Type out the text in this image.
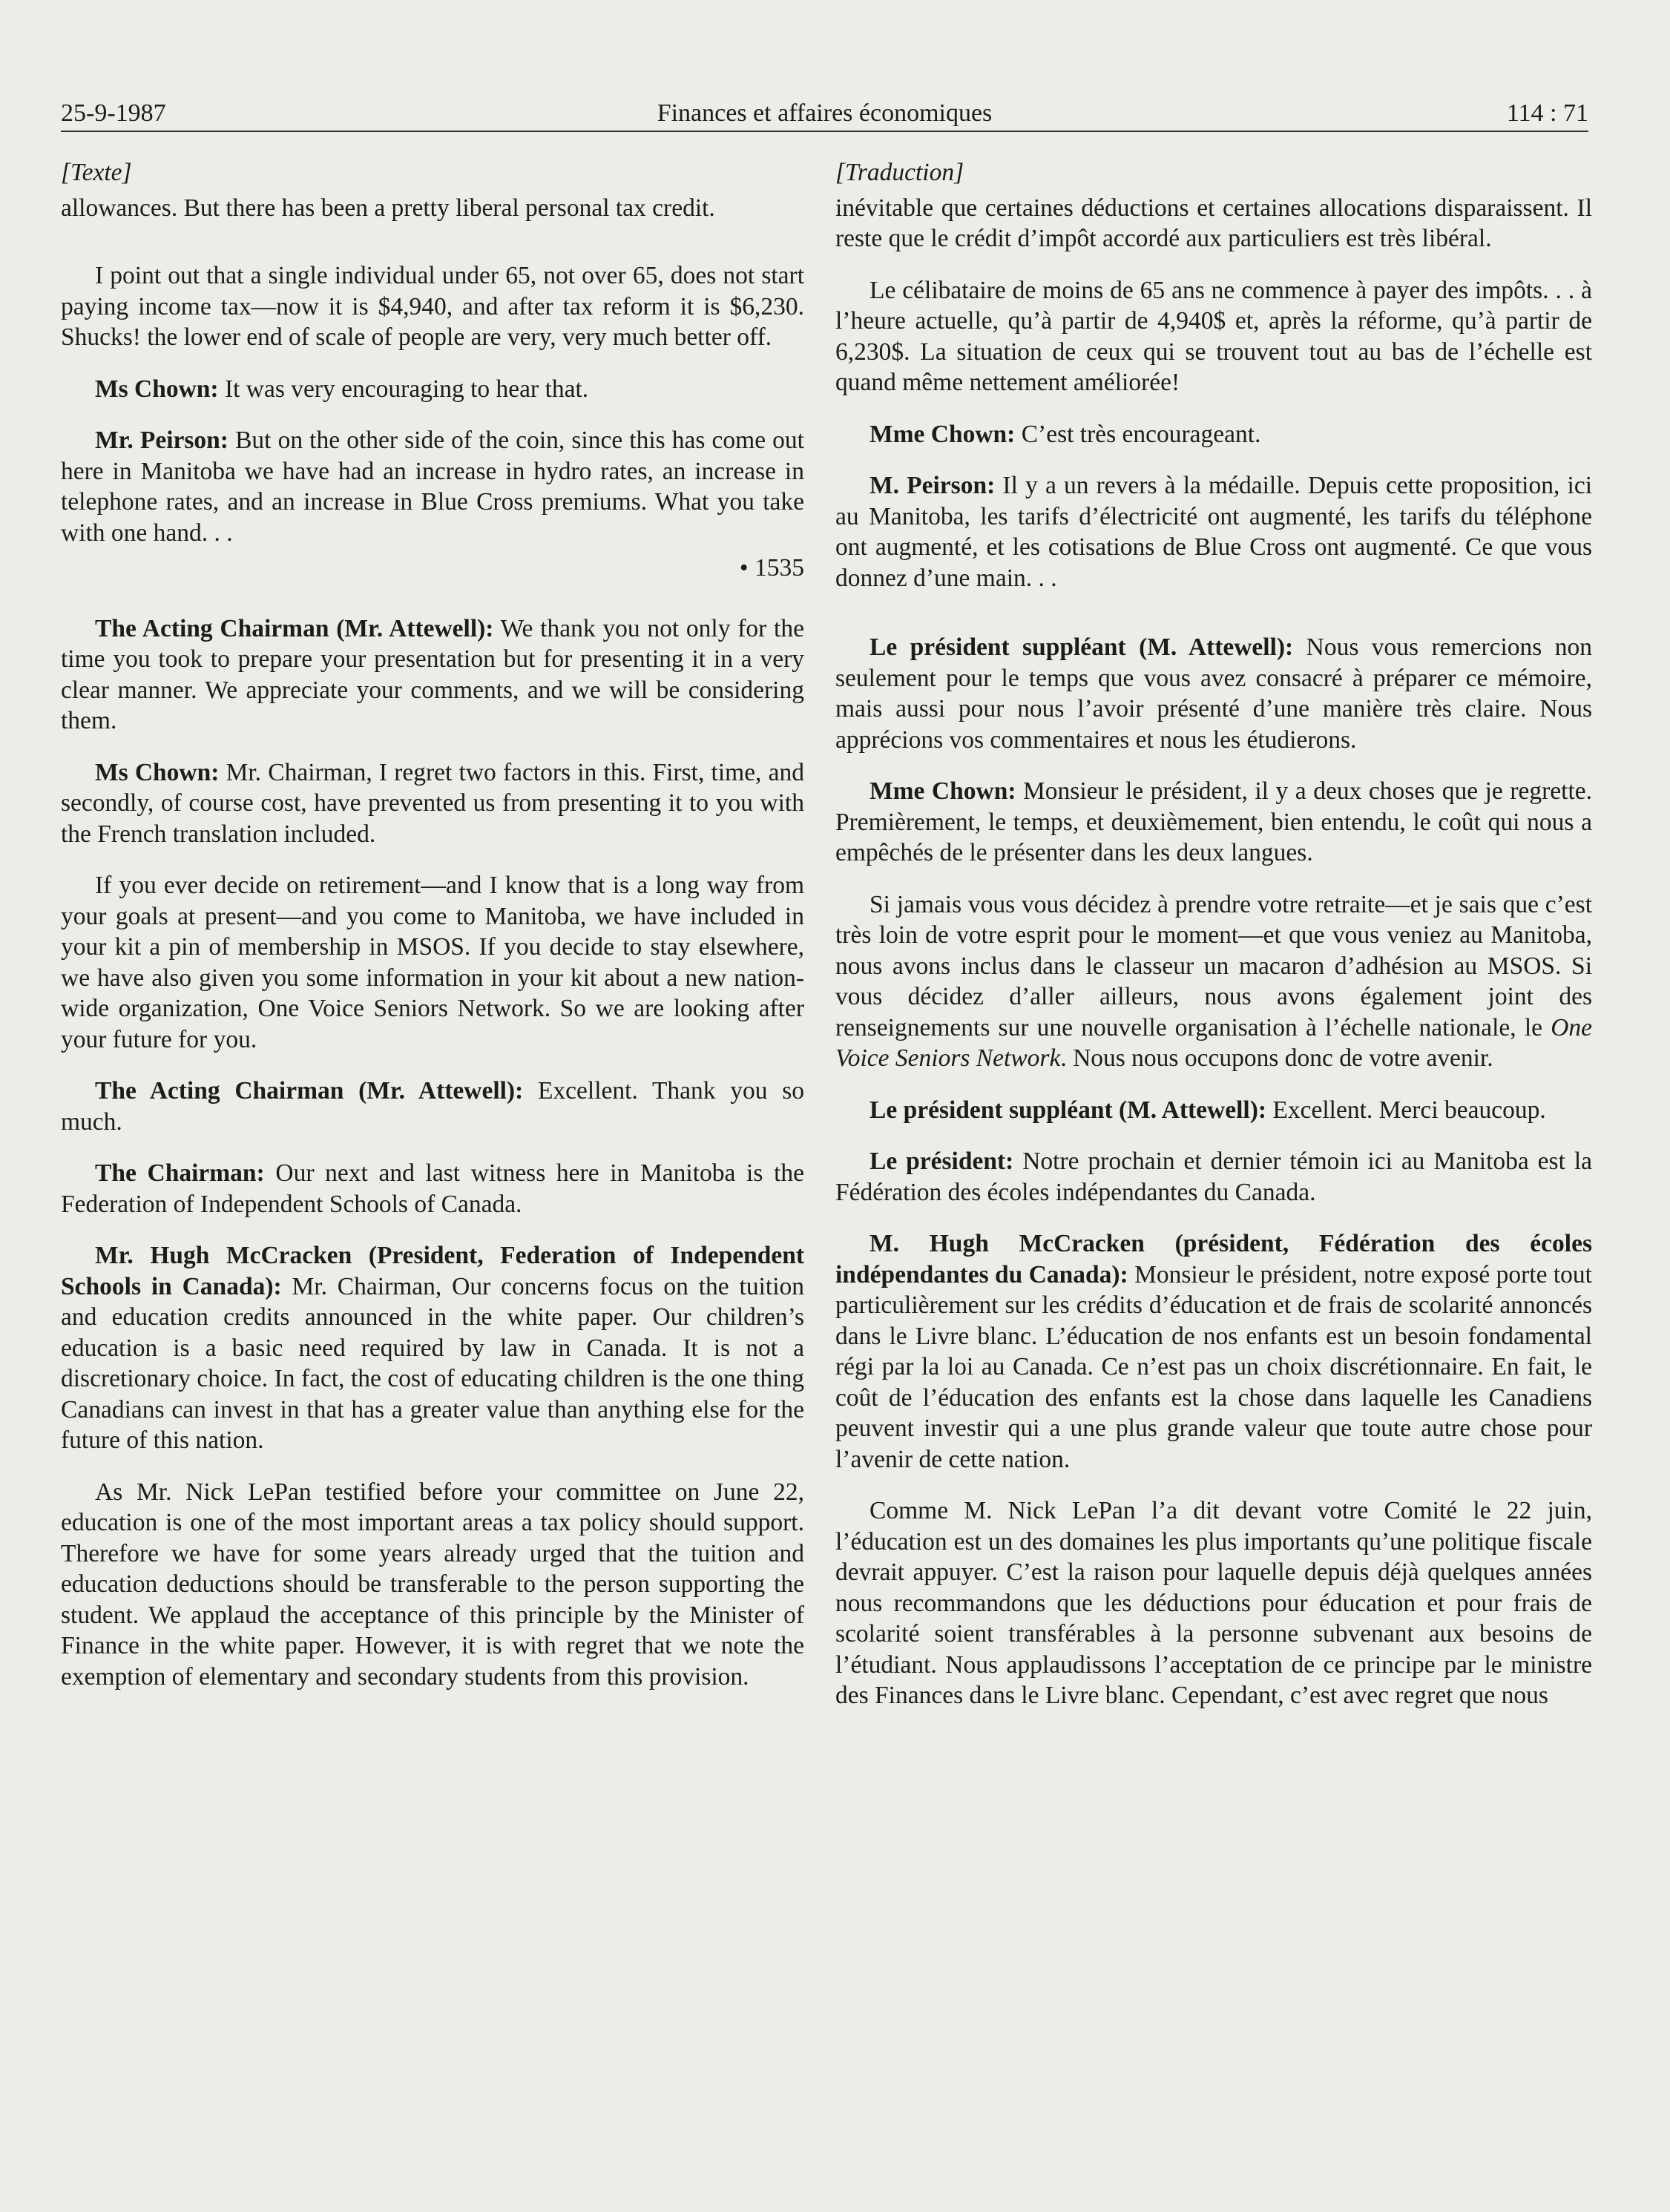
25-9-1987	Finances et affaires économiques	114 : 71
[Texte]

allowances. But there has been a pretty liberal personal tax credit.

I point out that a single individual under 65, not over 65, does not start paying income tax—now it is $4,940, and after tax reform it is $6,230. Shucks! the lower end of scale of people are very, very much better off.

Ms Chown: It was very encouraging to hear that.

Mr. Peirson: But on the other side of the coin, since this has come out here in Manitoba we have had an increase in hydro rates, an increase in telephone rates, and an increase in Blue Cross premiums. What you take with one hand. . .

• 1535

The Acting Chairman (Mr. Attewell): We thank you not only for the time you took to prepare your presentation but for presenting it in a very clear manner. We appreciate your comments, and we will be considering them.

Ms Chown: Mr. Chairman, I regret two factors in this. First, time, and secondly, of course cost, have prevented us from presenting it to you with the French translation included.

If you ever decide on retirement—and I know that is a long way from your goals at present—and you come to Manitoba, we have included in your kit a pin of membership in MSOS. If you decide to stay elsewhere, we have also given you some information in your kit about a new nation-wide organization, One Voice Seniors Network. So we are looking after your future for you.

The Acting Chairman (Mr. Attewell): Excellent. Thank you so much.

The Chairman: Our next and last witness here in Manitoba is the Federation of Independent Schools of Canada.

Mr. Hugh McCracken (President, Federation of Independent Schools in Canada): Mr. Chairman, Our concerns focus on the tuition and education credits announced in the white paper. Our children’s education is a basic need required by law in Canada. It is not a discretionary choice. In fact, the cost of educating children is the one thing Canadians can invest in that has a greater value than anything else for the future of this nation.

As Mr. Nick LePan testified before your committee on June 22, education is one of the most important areas a tax policy should support. Therefore we have for some years already urged that the tuition and education deductions should be transferable to the person supporting the student. We applaud the acceptance of this principle by the Minister of Finance in the white paper. However, it is with regret that we note the exemption of elementary and secondary students from this provision.

[Traduction]

inévitable que certaines déductions et certaines allocations disparaissent. Il reste que le crédit d’impôt accordé aux particuliers est très libéral.

Le célibataire de moins de 65 ans ne commence à payer des impôts. . . à l’heure actuelle, qu’à partir de 4,940$ et, après la réforme, qu’à partir de 6,230$. La situation de ceux qui se trouvent tout au bas de l’échelle est quand même nettement améliorée!

Mme Chown: C’est très encourageant.

M. Peirson: Il y a un revers à la médaille. Depuis cette proposition, ici au Manitoba, les tarifs d’électricité ont augmenté, les tarifs du téléphone ont augmenté, et les cotisations de Blue Cross ont augmenté. Ce que vous donnez d’une main. . .

Le président suppléant (M. Attewell): Nous vous remercions non seulement pour le temps que vous avez consacré à préparer ce mémoire, mais aussi pour nous l’avoir présenté d’une manière très claire. Nous apprécions vos commentaires et nous les étudierons.

Mme Chown: Monsieur le président, il y a deux choses que je regrette. Premièrement, le temps, et deuxièmement, bien entendu, le coût qui nous a empêchés de le présenter dans les deux langues.

Si jamais vous vous décidez à prendre votre retraite—et je sais que c’est très loin de votre esprit pour le moment—et que vous veniez au Manitoba, nous avons inclus dans le classeur un macaron d’adhésion au MSOS. Si vous décidez d’aller ailleurs, nous avons également joint des renseignements sur une nouvelle organisation à l’échelle nationale, le One Voice Seniors Network. Nous nous occupons donc de votre avenir.

Le président suppléant (M. Attewell): Excellent. Merci beaucoup.

Le président: Notre prochain et dernier témoin ici au Manitoba est la Fédération des écoles indépendantes du Canada.

M. Hugh McCracken (président, Fédération des écoles indépendantes du Canada): Monsieur le président, notre exposé porte tout particulièrement sur les crédits d’éducation et de frais de scolarité annoncés dans le Livre blanc. L’éducation de nos enfants est un besoin fondamental régi par la loi au Canada. Ce n’est pas un choix discrétionnaire. En fait, le coût de l’éducation des enfants est la chose dans laquelle les Canadiens peuvent investir qui a une plus grande valeur que toute autre chose pour l’avenir de cette nation.

Comme M. Nick LePan l’a dit devant votre Comité le 22 juin, l’éducation est un des domaines les plus importants qu’une politique fiscale devrait appuyer. C’est la raison pour laquelle depuis déjà quelques années nous recommandons que les déductions pour éducation et pour frais de scolarité soient transférables à la personne subvenant aux besoins de l’étudiant. Nous applaudissons l’acceptation de ce principe par le ministre des Finances dans le Livre blanc. Cependant, c’est avec regret que nous
